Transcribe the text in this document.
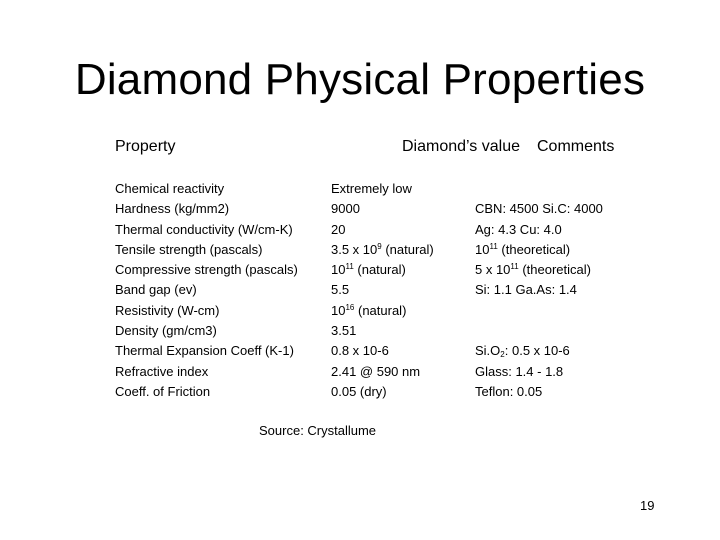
Diamond Physical Properties
Property	Diamond’s value Comments
Chemical reactivity
Hardness (kg/mm2)
Thermal conductivity (W/cm-K)
Tensile strength (pascals)
Compressive strength (pascals)
Band gap (ev)
Resistivity (W-cm)
Density (gm/cm3)
Thermal Expansion Coeff (K-1)
Refractive index
Coeff. of Friction
Extremely low
9000
20
3.5 x $10^9$ (natural)
$10^{11}$ (natural)
5.5
$10^{16}$ (natural)
3.51
0.8 x 10-6
2.41 @ 590 nm
0.05 (dry)
CBN: 4500 Si.C: 4000
Ag: 4.3 Cu: 4.0
$10^{11}$ (theoretical)
5 x $10^{11}$ (theoretical)
Si: 1.1 Ga.As: 1.4
$Si.O_2$: 0.5 x 10-6
Glass: 1.4 - 1.8
Teflon: 0.05
Source: Crystallume
19
